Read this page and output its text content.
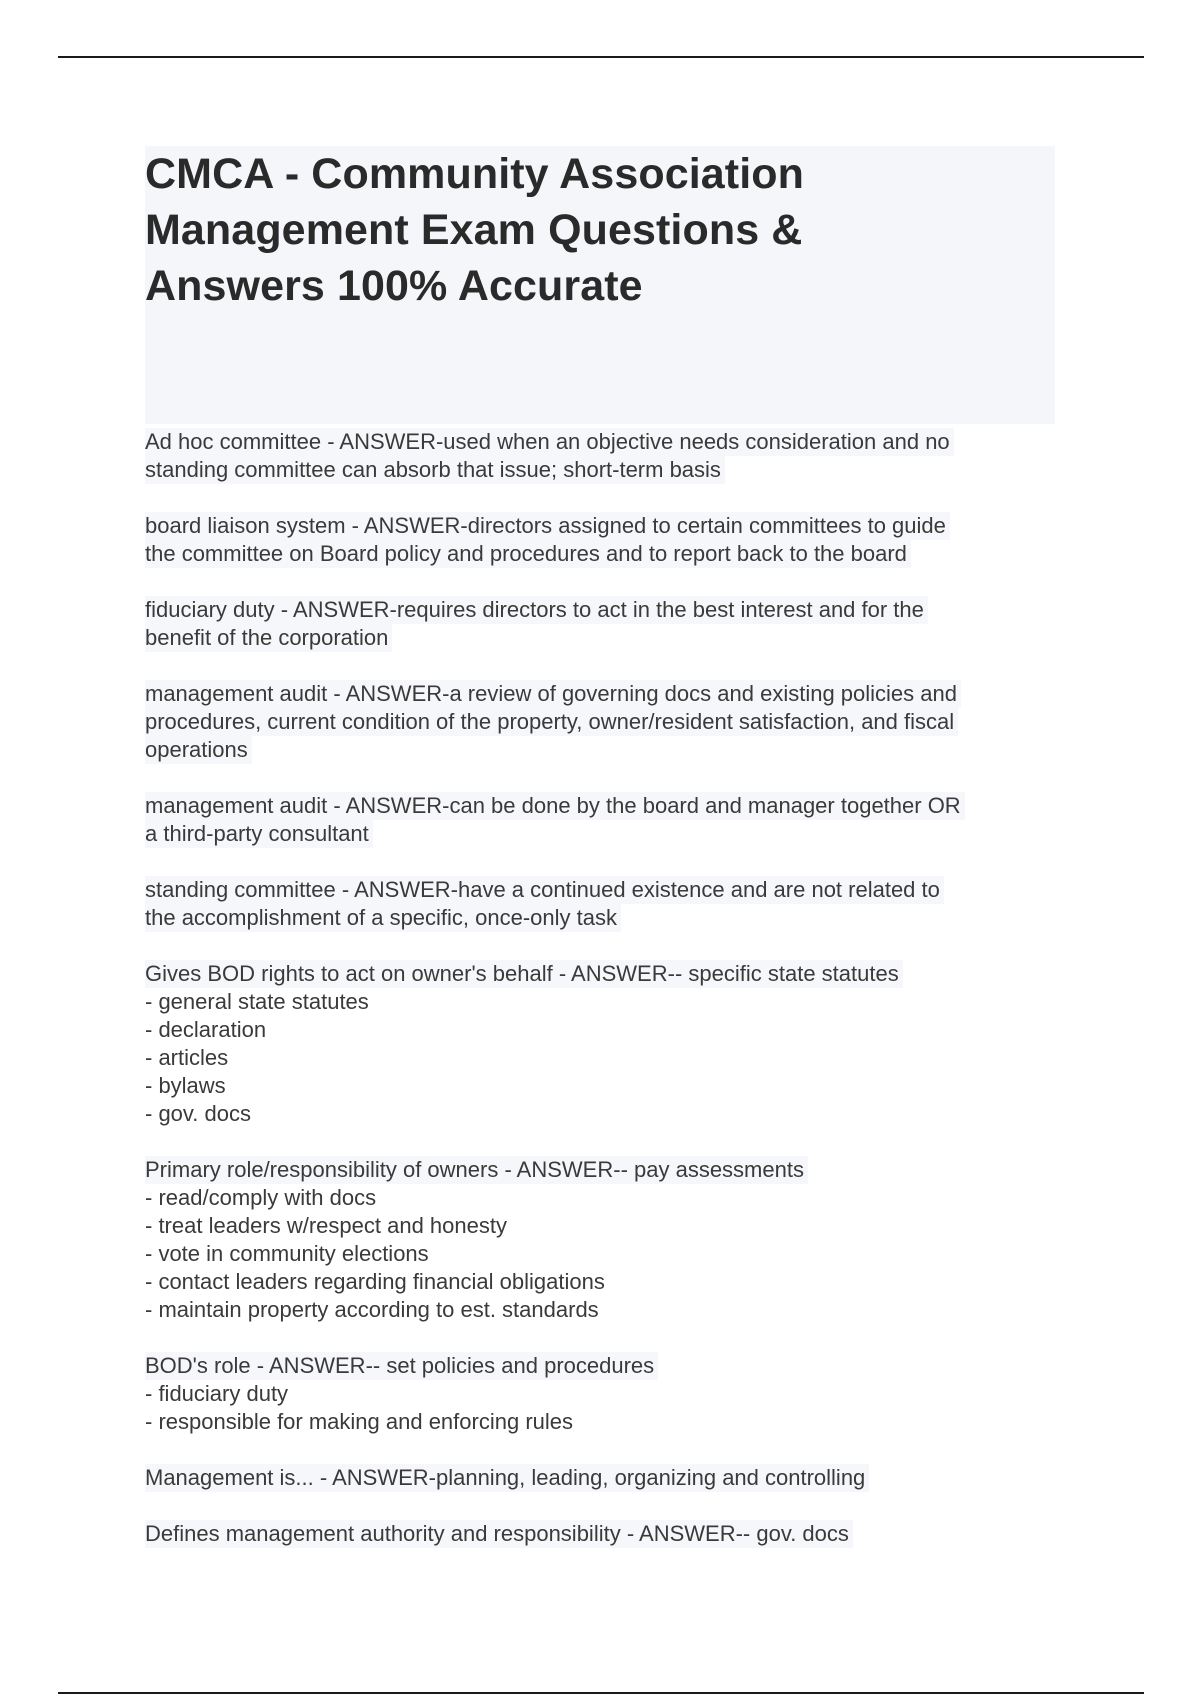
CMCA - Community Association
Management Exam Questions &
Answers 100% Accurate
Ad hoc committee - ANSWER-used when an objective needs consideration and no
standing committee can absorb that issue; short-term basis
board liaison system - ANSWER-directors assigned to certain committees to guide
the committee on Board policy and procedures and to report back to the board
fiduciary duty - ANSWER-requires directors to act in the best interest and for the
benefit of the corporation
management audit - ANSWER-a review of governing docs and existing policies and
procedures, current condition of the property, owner/resident satisfaction, and fiscal
operations
management audit - ANSWER-can be done by the board and manager together OR
a third-party consultant
standing committee - ANSWER-have a continued existence and are not related to
the accomplishment of a specific, once-only task
Gives BOD rights to act on owner's behalf - ANSWER-- specific state statutes
- general state statutes
- declaration
- articles
- bylaws
- gov. docs
Primary role/responsibility of owners - ANSWER-- pay assessments
- read/comply with docs
- treat leaders w/respect and honesty
- vote in community elections
- contact leaders regarding financial obligations
- maintain property according to est. standards
BOD's role - ANSWER-- set policies and procedures
- fiduciary duty
- responsible for making and enforcing rules
Management is... - ANSWER-planning, leading, organizing and controlling
Defines management authority and responsibility - ANSWER-- gov. docs
